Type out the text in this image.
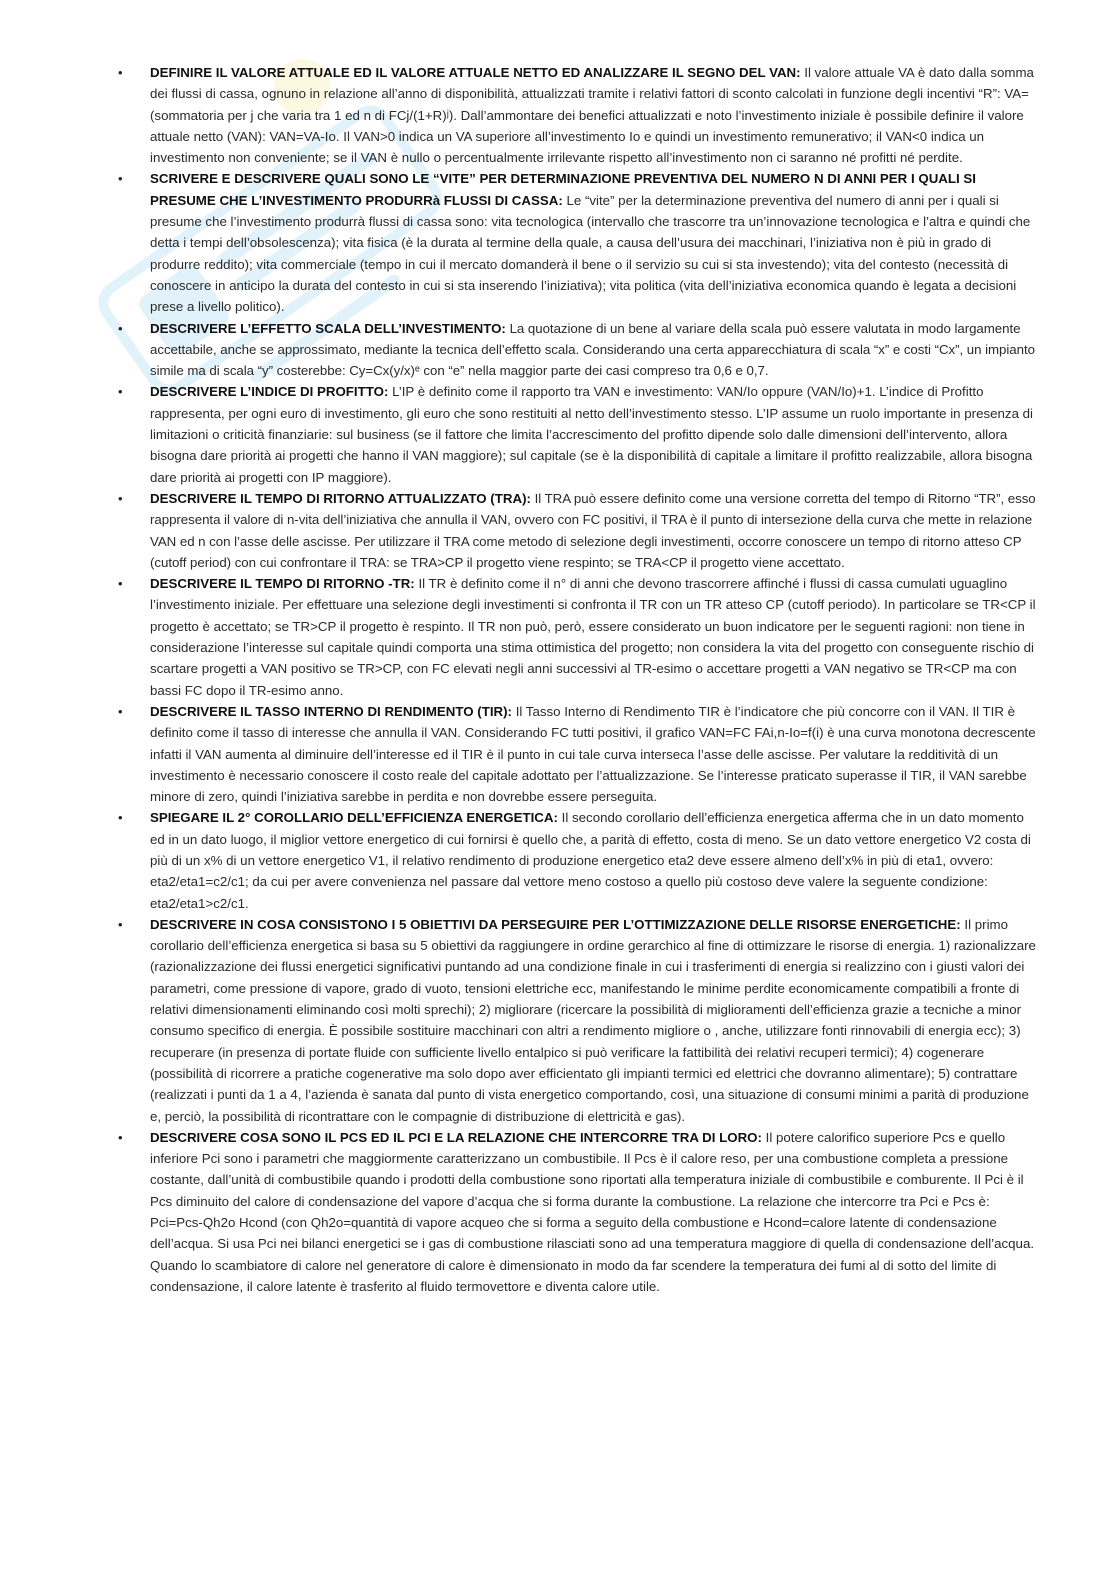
• DEFINIRE IL VALORE ATTUALE ED IL VALORE ATTUALE NETTO ED ANALIZZARE IL SEGNO DEL VAN: Il valore attuale VA è dato dalla somma dei flussi di cassa, ognuno in relazione all’anno di disponibilità, attualizzati tramite i relativi fattori di sconto calcolati in funzione degli incentivi “R”: VA=(sommatoria per j che varia tra 1 ed n di FCj/(1+R)ʲ). Dall’ammontare dei benefici attualizzati e noto l’investimento iniziale è possibile definire il valore attuale netto (VAN): VAN=VA-Io. Il VAN>0 indica un VA superiore all’investimento Io e quindi un investimento remunerativo; il VAN<0 indica un investimento non conveniente; se il VAN è nullo o percentualmente irrilevante rispetto all’investimento non ci saranno né profitti né perdite.
• SCRIVERE E DESCRIVERE QUALI SONO LE “VITE” PER DETERMINAZIONE PREVENTIVA DEL NUMERO N DI ANNI PER I QUALI SI PRESUME CHE L’INVESTIMENTO PRODURRà FLUSSI DI CASSA: Le “vite” per la determinazione preventiva del numero di anni per i quali si presume che l’investimento produrrà flussi di cassa sono: vita tecnologica (intervallo che trascorre tra un’innovazione tecnologica e l’altra e quindi che detta i tempi dell’obsolescenza); vita fisica (è la durata al termine della quale, a causa dell’usura dei macchinari, l’iniziativa non è più in grado di produrre reddito); vita commerciale (tempo in cui il mercato domanderà il bene o il servizio su cui si sta investendo); vita del contesto (necessità di conoscere in anticipo la durata del contesto in cui si sta inserendo l’iniziativa); vita politica (vita dell’iniziativa economica quando è legata a decisioni prese a livello politico).
• DESCRIVERE L’EFFETTO SCALA DELL’INVESTIMENTO: La quotazione di un bene al variare della scala può essere valutata in modo largamente accettabile, anche se approssimato, mediante la tecnica dell’effetto scala. Considerando una certa apparecchiatura di scala “x” e costi “Cx”, un impianto simile ma di scala “y” costerebbe: Cy=Cx(y/x)ᵉ con “e” nella maggior parte dei casi compreso tra 0,6 e 0,7.
• DESCRIVERE L’INDICE DI PROFITTO: L’IP è definito come il rapporto tra VAN e investimento: VAN/Io oppure (VAN/Io)+1. L’indice di Profitto rappresenta, per ogni euro di investimento, gli euro che sono restituiti al netto dell’investimento stesso. L’IP assume un ruolo importante in presenza di limitazioni o criticità finanziarie: sul business (se il fattore che limita l’accrescimento del profitto dipende solo dalle dimensioni dell’intervento, allora bisogna dare priorità ai progetti che hanno il VAN maggiore); sul capitale (se è la disponibilità di capitale a limitare il profitto realizzabile, allora bisogna dare priorità ai progetti con IP maggiore).
• DESCRIVERE IL TEMPO DI RITORNO ATTUALIZZATO (TRA): Il TRA può essere definito come una versione corretta del tempo di Ritorno “TR”, esso rappresenta il valore di n-vita dell’iniziativa che annulla il VAN, ovvero con FC positivi, il TRA è il punto di intersezione della curva che mette in relazione VAN ed n con l’asse delle ascisse. Per utilizzare il TRA come metodo di selezione degli investimenti, occorre conoscere un tempo di ritorno atteso CP (cutoff period) con cui confrontare il TRA: se TRA>CP il progetto viene respinto; se TRA<CP il progetto viene accettato.
• DESCRIVERE IL TEMPO DI RITORNO -TR: Il TR è definito come il n° di anni che devono trascorrere affinché i flussi di cassa cumulati uguaglino l’investimento iniziale. Per effettuare una selezione degli investimenti si confronta il TR con un TR atteso CP (cutoff periodo). In particolare se TR<CP il progetto è accettato; se TR>CP il progetto è respinto. Il TR non può, però, essere considerato un buon indicatore per le seguenti ragioni: non tiene in considerazione l’interesse sul capitale quindi comporta una stima ottimistica del progetto; non considera la vita del progetto con conseguente rischio di scartare progetti a VAN positivo se TR>CP, con FC elevati negli anni successivi al TR-esimo o accettare progetti a VAN negativo se TR<CP ma con bassi FC dopo il TR-esimo anno.
• DESCRIVERE IL TASSO INTERNO DI RENDIMENTO (TIR): Il Tasso Interno di Rendimento TIR è l’indicatore che più concorre con il VAN. Il TIR è definito come il tasso di interesse che annulla il VAN. Considerando FC tutti positivi, il grafico VAN=FC FAi,n-Io=f(i) è una curva monotona decrescente infatti il VAN aumenta al diminuire dell’interesse ed il TIR è il punto in cui tale curva interseca l’asse delle ascisse. Per valutare la redditività di un investimento è necessario conoscere il costo reale del capitale adottato per l’attualizzazione. Se l’interesse praticato superasse il TIR, il VAN sarebbe minore di zero, quindi l’iniziativa sarebbe in perdita e non dovrebbe essere perseguita.
• SPIEGARE IL 2° COROLLARIO DELL’EFFICIENZA ENERGETICA: Il secondo corollario dell’efficienza energetica afferma che in un dato momento ed in un dato luogo, il miglior vettore energetico di cui fornirsi è quello che, a parità di effetto, costa di meno. Se un dato vettore energetico V2 costa di più di un x% di un vettore energetico V1, il relativo rendimento di produzione energetico eta2 deve essere almeno dell’x% in più di eta1, ovvero: eta2/eta1=c2/c1; da cui per avere convenienza nel passare dal vettore meno costoso a quello più costoso deve valere la seguente condizione: eta2/eta1>c2/c1.
• DESCRIVERE IN COSA CONSISTONO I 5 OBIETTIVI DA PERSEGUIRE PER L’OTTIMIZZAZIONE DELLE RISORSE ENERGETICHE: Il primo corollario dell’efficienza energetica si basa su 5 obiettivi da raggiungere in ordine gerarchico al fine di ottimizzare le risorse di energia. 1) razionalizzare (razionalizzazione dei flussi energetici significativi puntando ad una condizione finale in cui i trasferimenti di energia si realizzino con i giusti valori dei parametri, come pressione di vapore, grado di vuoto, tensioni elettriche ecc, manifestando le minime perdite economicamente compatibili a fronte di relativi dimensionamenti eliminando così molti sprechi); 2) migliorare (ricercare la possibilità di miglioramenti dell’efficienza grazie a tecniche a minor consumo specifico di energia. È possibile sostituire macchinari con altri a rendimento migliore o , anche, utilizzare fonti rinnovabili di energia ecc); 3) recuperare (in presenza di portate fluide con sufficiente livello entalpico si può verificare la fattibilità dei relativi recuperi termici); 4) cogenerare (possibilità di ricorrere a pratiche cogenerative ma solo dopo aver efficientato gli impianti termici ed elettrici che dovranno alimentare); 5) contrattare (realizzati i punti da 1 a 4, l’azienda è sanata dal punto di vista energetico comportando, così, una situazione di consumi minimi a parità di produzione e, perciò, la possibilità di ricontrattare con le compagnie di distribuzione di elettricità e gas).
• DESCRIVERE COSA SONO IL PCS ED IL PCI E LA RELAZIONE CHE INTERCORRE TRA DI LORO: Il potere calorifico superiore Pcs e quello inferiore Pci sono i parametri che maggiormente caratterizzano un combustibile. Il Pcs è il calore reso, per una combustione completa a pressione costante, dall’unità di combustibile quando i prodotti della combustione sono riportati alla temperatura iniziale di combustibile e comburente. Il Pci è il Pcs diminuito del calore di condensazione del vapore d’acqua che si forma durante la combustione. La relazione che intercorre tra Pci e Pcs è: Pci=Pcs-Qh2o Hcond (con Qh2o=quantità di vapore acqueo che si forma a seguito della combustione e Hcond=calore latente di condensazione dell’acqua. Si usa Pci nei bilanci energetici se i gas di combustione rilasciati sono ad una temperatura maggiore di quella di condensazione dell’acqua. Quando lo scambiatore di calore nel generatore di calore è dimensionato in modo da far scendere la temperatura dei fumi al di sotto del limite di condensazione, il calore latente è trasferito al fluido termovettore e diventa calore utile.
